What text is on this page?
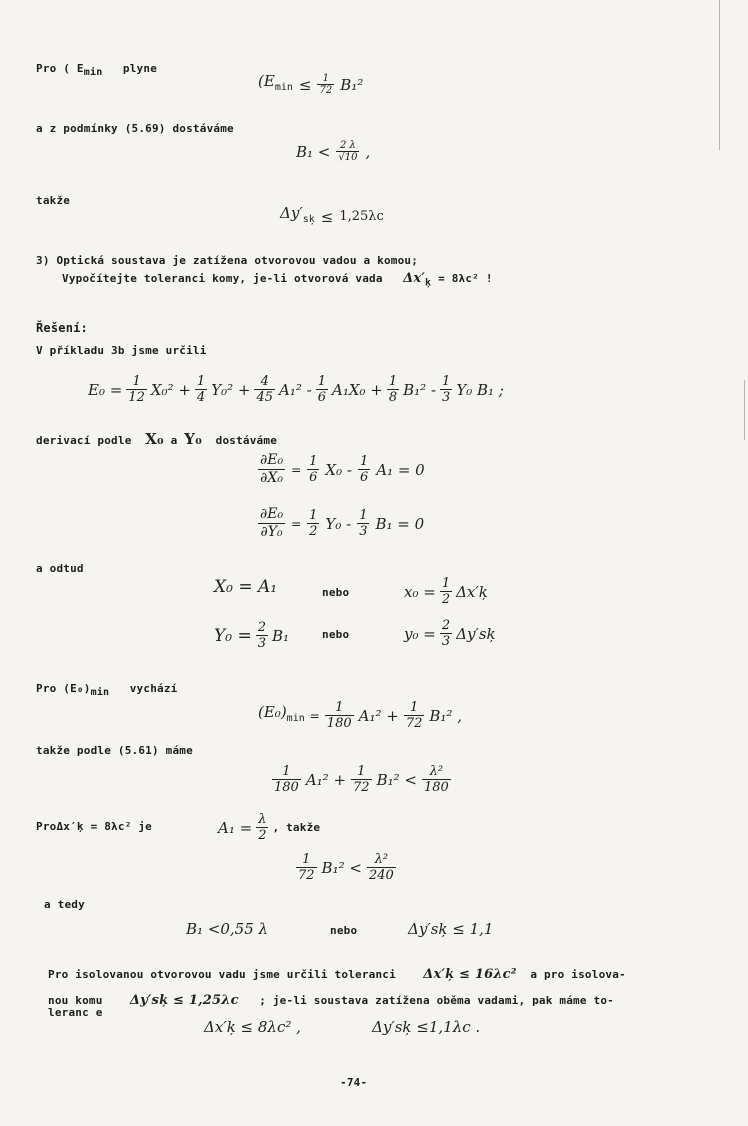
Pro ( Emin plyne
($E_{min} \le \frac{1}{72} B_1^2$
a z podmínky (5.69) dostáváme
$B_1 < \frac{2 \lambda}{√10}$ ,
takže
$\Delta y'_{sķ} \le 1,25\lambda c$
3) Optická soustava je zatížena otvorovou vadou a komou;
Vypočítejte toleranci komy, je-li otvorová vada $\Delta x'_ķ = 8\lambda c^2$ !
Řešení:
V příkladu 3b jsme určili
$E_0 = \frac{1}{12} X_0^2 + \frac{1}{4} Y_0^2 + \frac{4}{45} A_1^2 - \frac{1}{6} A_1X_0 + \frac{1}{8} B_1^2 - \frac{1}{3} Y_0$ B₁ ;
derivací podle X₀ a Y₀ dostáváme
$\frac{\text{∂E₀}}{\text{∂X₀}} = \frac{1}{6} X_0 - \frac{1}{6} A_1 = 0$
$\frac{\text{∂E₀}}{\text{∂Y₀}} = \frac{1}{2} Y_0 - \frac{1}{3} B_1 = 0$
a odtud
X₀ = A₁	nebo	$x_0 = \frac{1}{2}$ Δx′ķ
$Y_0 = \frac{2}{3} B_1$	nebo	$y_0 = \frac{2}{3}$ Δy′sķ
Pro (E₀)min vychází
$(E_0)_{min} = \frac{1}{180} A_1^2 + \frac{1}{72} B_1^2$ ,
takže podle (5.61) máme
$\frac{1}{180} A_1^2 + \frac{1}{72} B_1^2 < \frac{\text{λ²}}{180}$
ProΔx′ķ = 8λc² je	$A_1 = \frac{\lambda}{2}$ , takže
$\frac{1}{72} B_1^2 < \frac{\text{λ²}}{240}$
a tedy
B₁ <0,55 λ	nebo	Δy′sķ ≤ 1,1
Pro isolovanou otvorovou vadu jsme určili toleranci Δx′ķ ≤ 16λc² a pro isolova-
nou komu Δy′sķ ≤ 1,25λc ; je-li soustava zatížena oběma vadami, pak máme to-
leranc e
Δx′ķ ≤ 8λc² ,	Δy′sķ ≤1,1λc .
-74-
